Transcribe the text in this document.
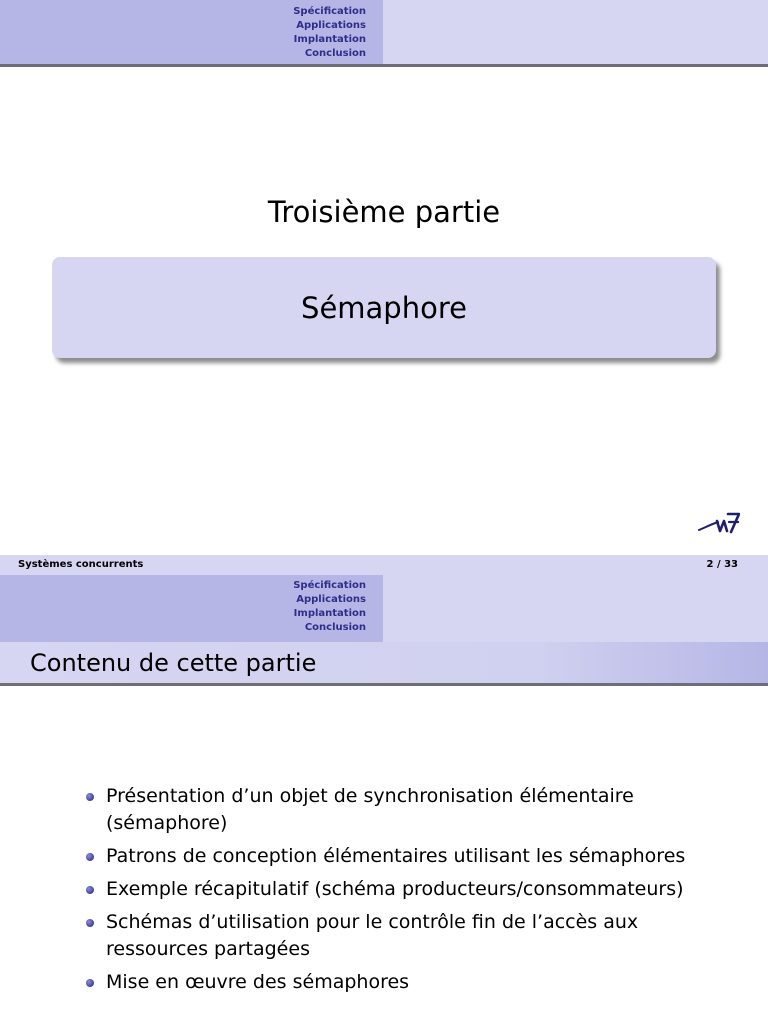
Spécification
Applications
Implantation
Conclusion
Troisième partie
Sémaphore
Systèmes concurrents	2 / 33
Spécification
Applications
Implantation
Conclusion
Contenu de cette partie
Présentation d’un objet de synchronisation élémentaire (sémaphore)
Patrons de conception élémentaires utilisant les sémaphores
Exemple récapitulatif (schéma producteurs/consommateurs)
Schémas d’utilisation pour le contrôle fin de l’accès aux ressources partagées
Mise en œuvre des sémaphores
